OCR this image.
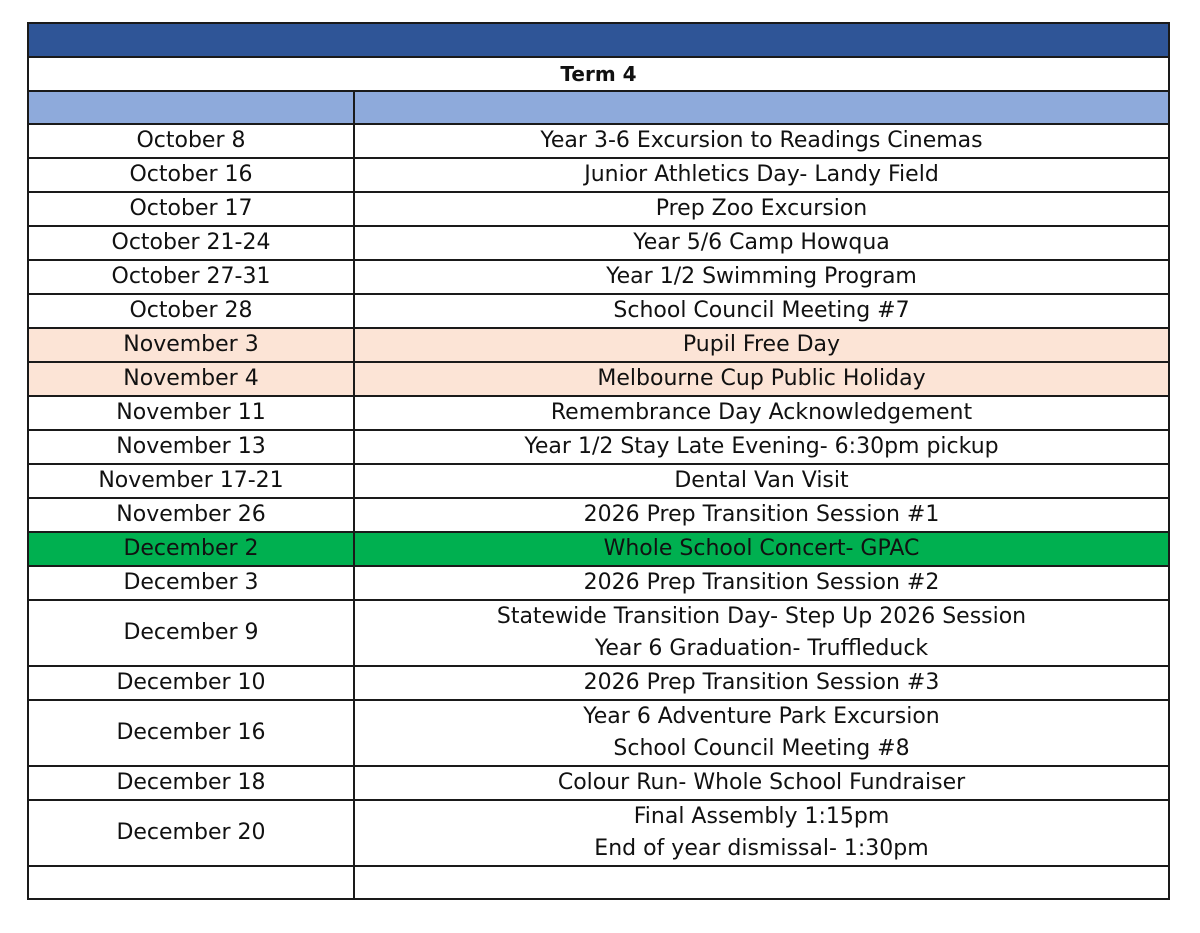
Term 4	

October 8	Year 3-6 Excursion to Readings Cinemas

October 16	Junior Athletics Day- Landy Field

October 17	Prep Zoo Excursion

October 21-24	Year 5/6 Camp Howqua

October 27-31	Year 1/2 Swimming Program

October 28	School Council Meeting #7

November 3	Pupil Free Day

November 4	Melbourne Cup Public Holiday

November 11	Remembrance Day Acknowledgement

November 13	Year 1/2 Stay Late Evening- 6:30pm pickup

November 17-21	Dental Van Visit

November 26	2026 Prep Transition Session #1

December 2	Whole School Concert- GPAC

December 3	2026 Prep Transition Session #2

December 9	Statewide Transition Day- Step Up 2026 Session
Year 6 Graduation- Truffleduck

December 10	2026 Prep Transition Session #3

December 16	Year 6 Adventure Park Excursion
School Council Meeting #8

December 18	Colour Run- Whole School Fundraiser

December 20	Final Assembly 1:15pm
End of year dismissal- 1:30pm
